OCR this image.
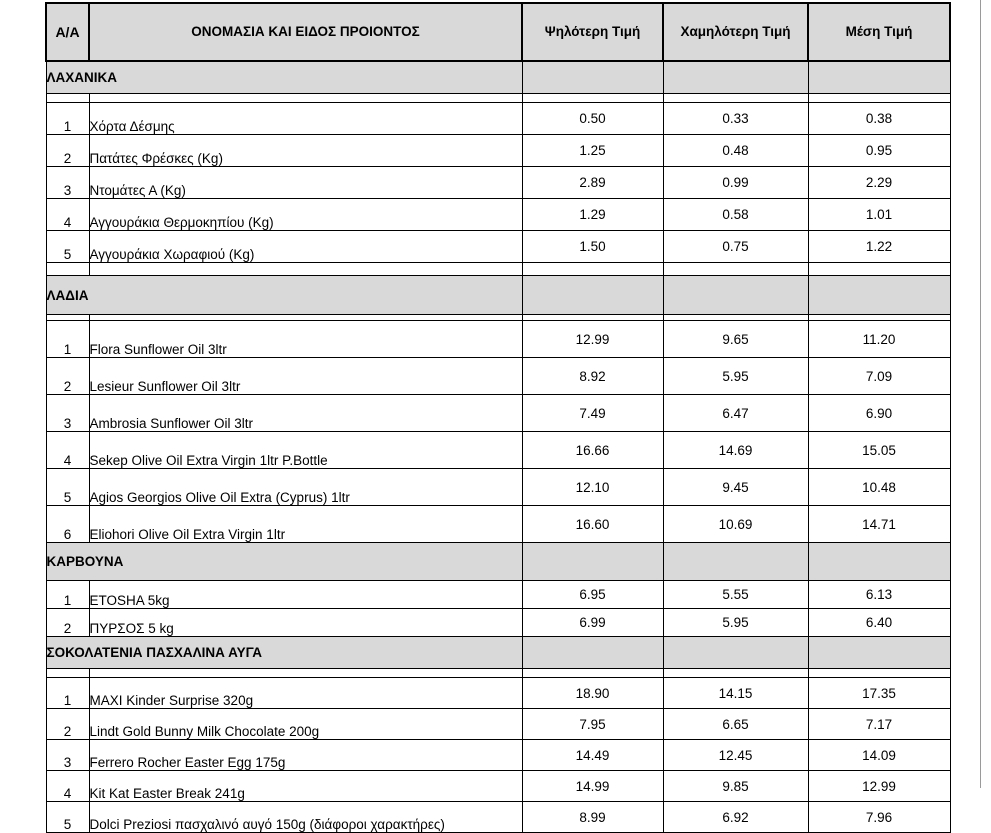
Α/Α	ΟΝΟΜΑΣΙΑ ΚΑΙ ΕΙΔΟΣ ΠΡΟΙΟΝΤΟΣ	Ψηλότερη Τιμή	Χαμηλότερη Τιμή	Μέση Τιμή
ΛΑΧΑΝΙΚΑ				

1	Χόρτα Δέσμης	0.50	0.33	0.38
2	Πατάτες Φρέσκες (Kg)	1.25	0.48	0.95
3	Ντομάτες Α (Kg)	2.89	0.99	2.29
4	Αγγουράκια Θερμοκηπίου (Kg)	1.29	0.58	1.01
5	Αγγουράκια Χωραφιού (Kg)	1.50	0.75	1.22

ΛΑΔΙΑ				

1	Flora Sunflower Oil 3ltr	12.99	9.65	11.20
2	Lesieur Sunflower Oil 3ltr	8.92	5.95	7.09
3	Ambrosia Sunflower Oil 3ltr	7.49	6.47	6.90
4	Sekep Olive Oil Extra Virgin 1ltr P.Bottle	16.66	14.69	15.05
5	Agios Georgios Olive Oil Extra (Cyprus) 1ltr	12.10	9.45	10.48
6	Eliohori Olive Oil Extra Virgin 1ltr	16.60	10.69	14.71
ΚΑΡΒΟΥΝΑ				
1	ETOSHA 5kg	6.95	5.55	6.13
2	ΠΥΡΣΟΣ 5 kg	6.99	5.95	6.40
ΣΟΚΟΛΑΤΕΝΙΑ ΠΑΣΧΑΛΙΝΑ ΑΥΓΑ				

1	MAXI Kinder Surprise 320g	18.90	14.15	17.35
2	Lindt Gold Bunny Milk Chocolate 200g	7.95	6.65	7.17
3	Ferrero Rocher Easter Egg 175g	14.49	12.45	14.09
4	Kit Kat Easter Break 241g	14.99	9.85	12.99
5	Dolci Preziosi πασχαλινό αυγό 150g (διάφοροι χαρακτήρες)	8.99	6.92	7.96
